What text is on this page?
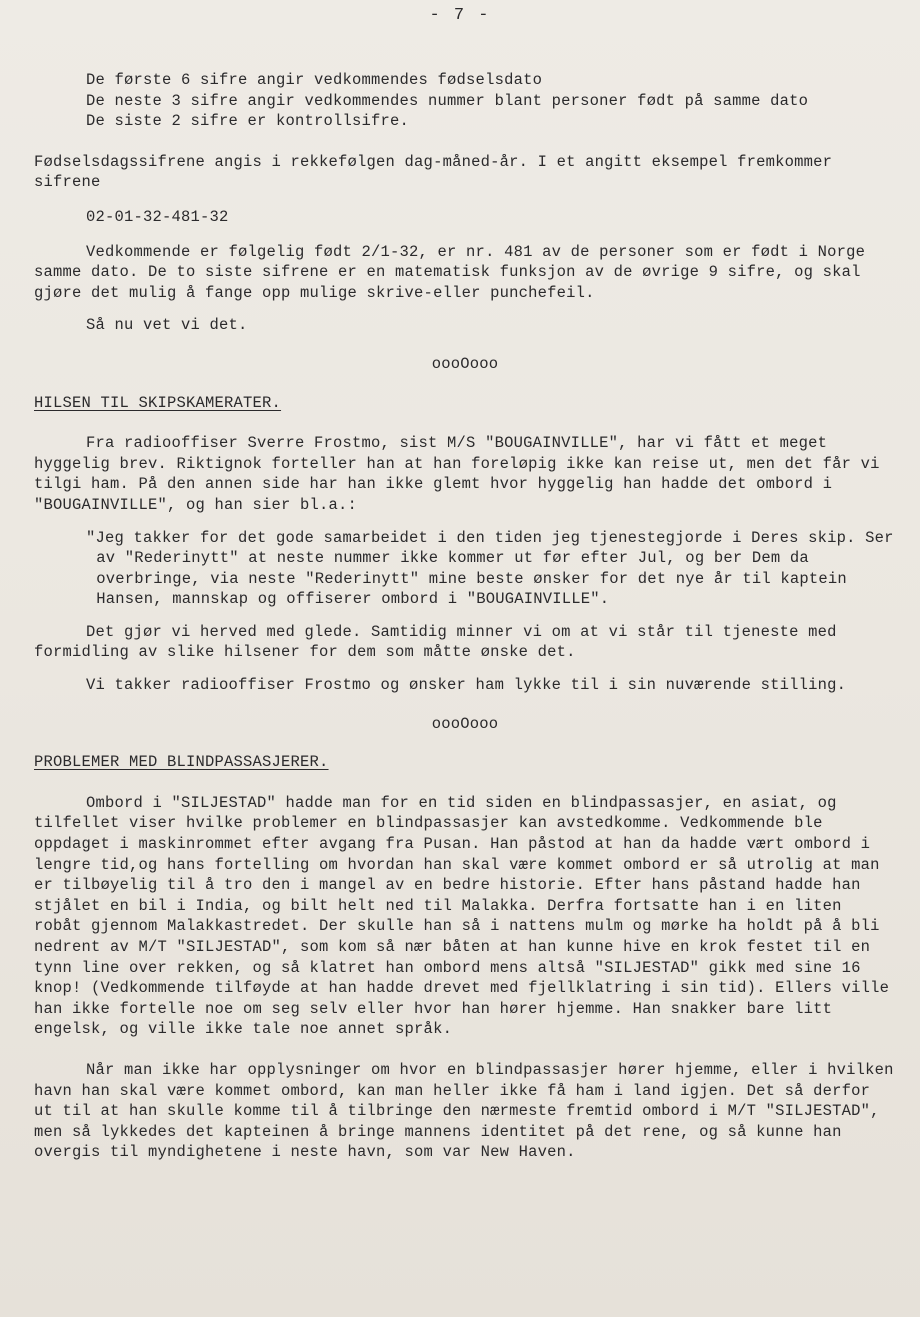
- 7 -

De første 6 sifre angir vedkommendes fødselsdato

De neste 3 sifre angir vedkommendes nummer blant personer født på samme dato

De siste 2 sifre er kontrollsifre.

Fødselsdagssifrene angis i rekkefølgen dag-måned-år. I et angitt eksempel fremkommer sifrene

02-01-32-481-32

Vedkommende er følgelig født 2/1-32, er nr. 481 av de personer som er født i Norge samme dato. De to siste sifrene er en matematisk funksjon av de øvrige 9 sifre, og skal gjøre det mulig å fange opp mulige skrive-eller punchefeil.

Så nu vet vi det.

oooOooo

HILSEN TIL SKIPSKAMERATER.

Fra radiooffiser Sverre Frostmo, sist M/S "BOUGAINVILLE", har vi fått et meget hyggelig brev. Riktignok forteller han at han foreløpig ikke kan reise ut, men det får vi tilgi ham. På den annen side har han ikke glemt hvor hyggelig han hadde det ombord i "BOUGAINVILLE", og han sier bl.a.:

"Jeg takker for det gode samarbeidet i den tiden jeg tjenestegjorde i Deres skip. Ser av "Rederinytt" at neste nummer ikke kommer ut før efter Jul, og ber Dem da overbringe, via neste "Rederinytt" mine beste ønsker for det nye år til kaptein Hansen, mannskap og offiserer ombord i "BOUGAINVILLE".

Det gjør vi herved med glede. Samtidig minner vi om at vi står til tjeneste med formidling av slike hilsener for dem som måtte ønske det.

Vi takker radiooffiser Frostmo og ønsker ham lykke til i sin nuværende stilling.

oooOooo

PROBLEMER MED BLINDPASSASJERER.

Ombord i "SILJESTAD" hadde man for en tid siden en blindpassasjer, en asiat, og tilfellet viser hvilke problemer en blindpassasjer kan avstedkomme. Vedkommende ble oppdaget i maskinrommet efter avgang fra Pusan. Han påstod at han da hadde vært ombord i lengre tid,og hans fortelling om hvordan han skal være kommet ombord er så utrolig at man er tilbøyelig til å tro den i mangel av en bedre historie. Efter hans påstand hadde han stjålet en bil i India, og bilt helt ned til Malakka. Derfra fortsatte han i en liten robåt gjennom Malakkastredet. Der skulle han så i nattens mulm og mørke ha holdt på å bli nedrent av M/T "SILJESTAD", som kom så nær båten at han kunne hive en krok festet til en tynn line over rekken, og så klatret han ombord mens altså "SILJESTAD" gikk med sine 16 knop! (Vedkommende tilføyde at han hadde drevet med fjellklatring i sin tid). Ellers ville han ikke fortelle noe om seg selv eller hvor han hører hjemme. Han snakker bare litt engelsk, og ville ikke tale noe annet språk.

Når man ikke har opplysninger om hvor en blindpassasjer hører hjemme, eller i hvilken havn han skal være kommet ombord, kan man heller ikke få ham i land igjen. Det så derfor ut til at han skulle komme til å tilbringe den nærmeste fremtid ombord i M/T "SILJESTAD", men så lykkedes det kapteinen å bringe mannens identitet på det rene, og så kunne han overgis til myndighetene i neste havn, som var New Haven.
